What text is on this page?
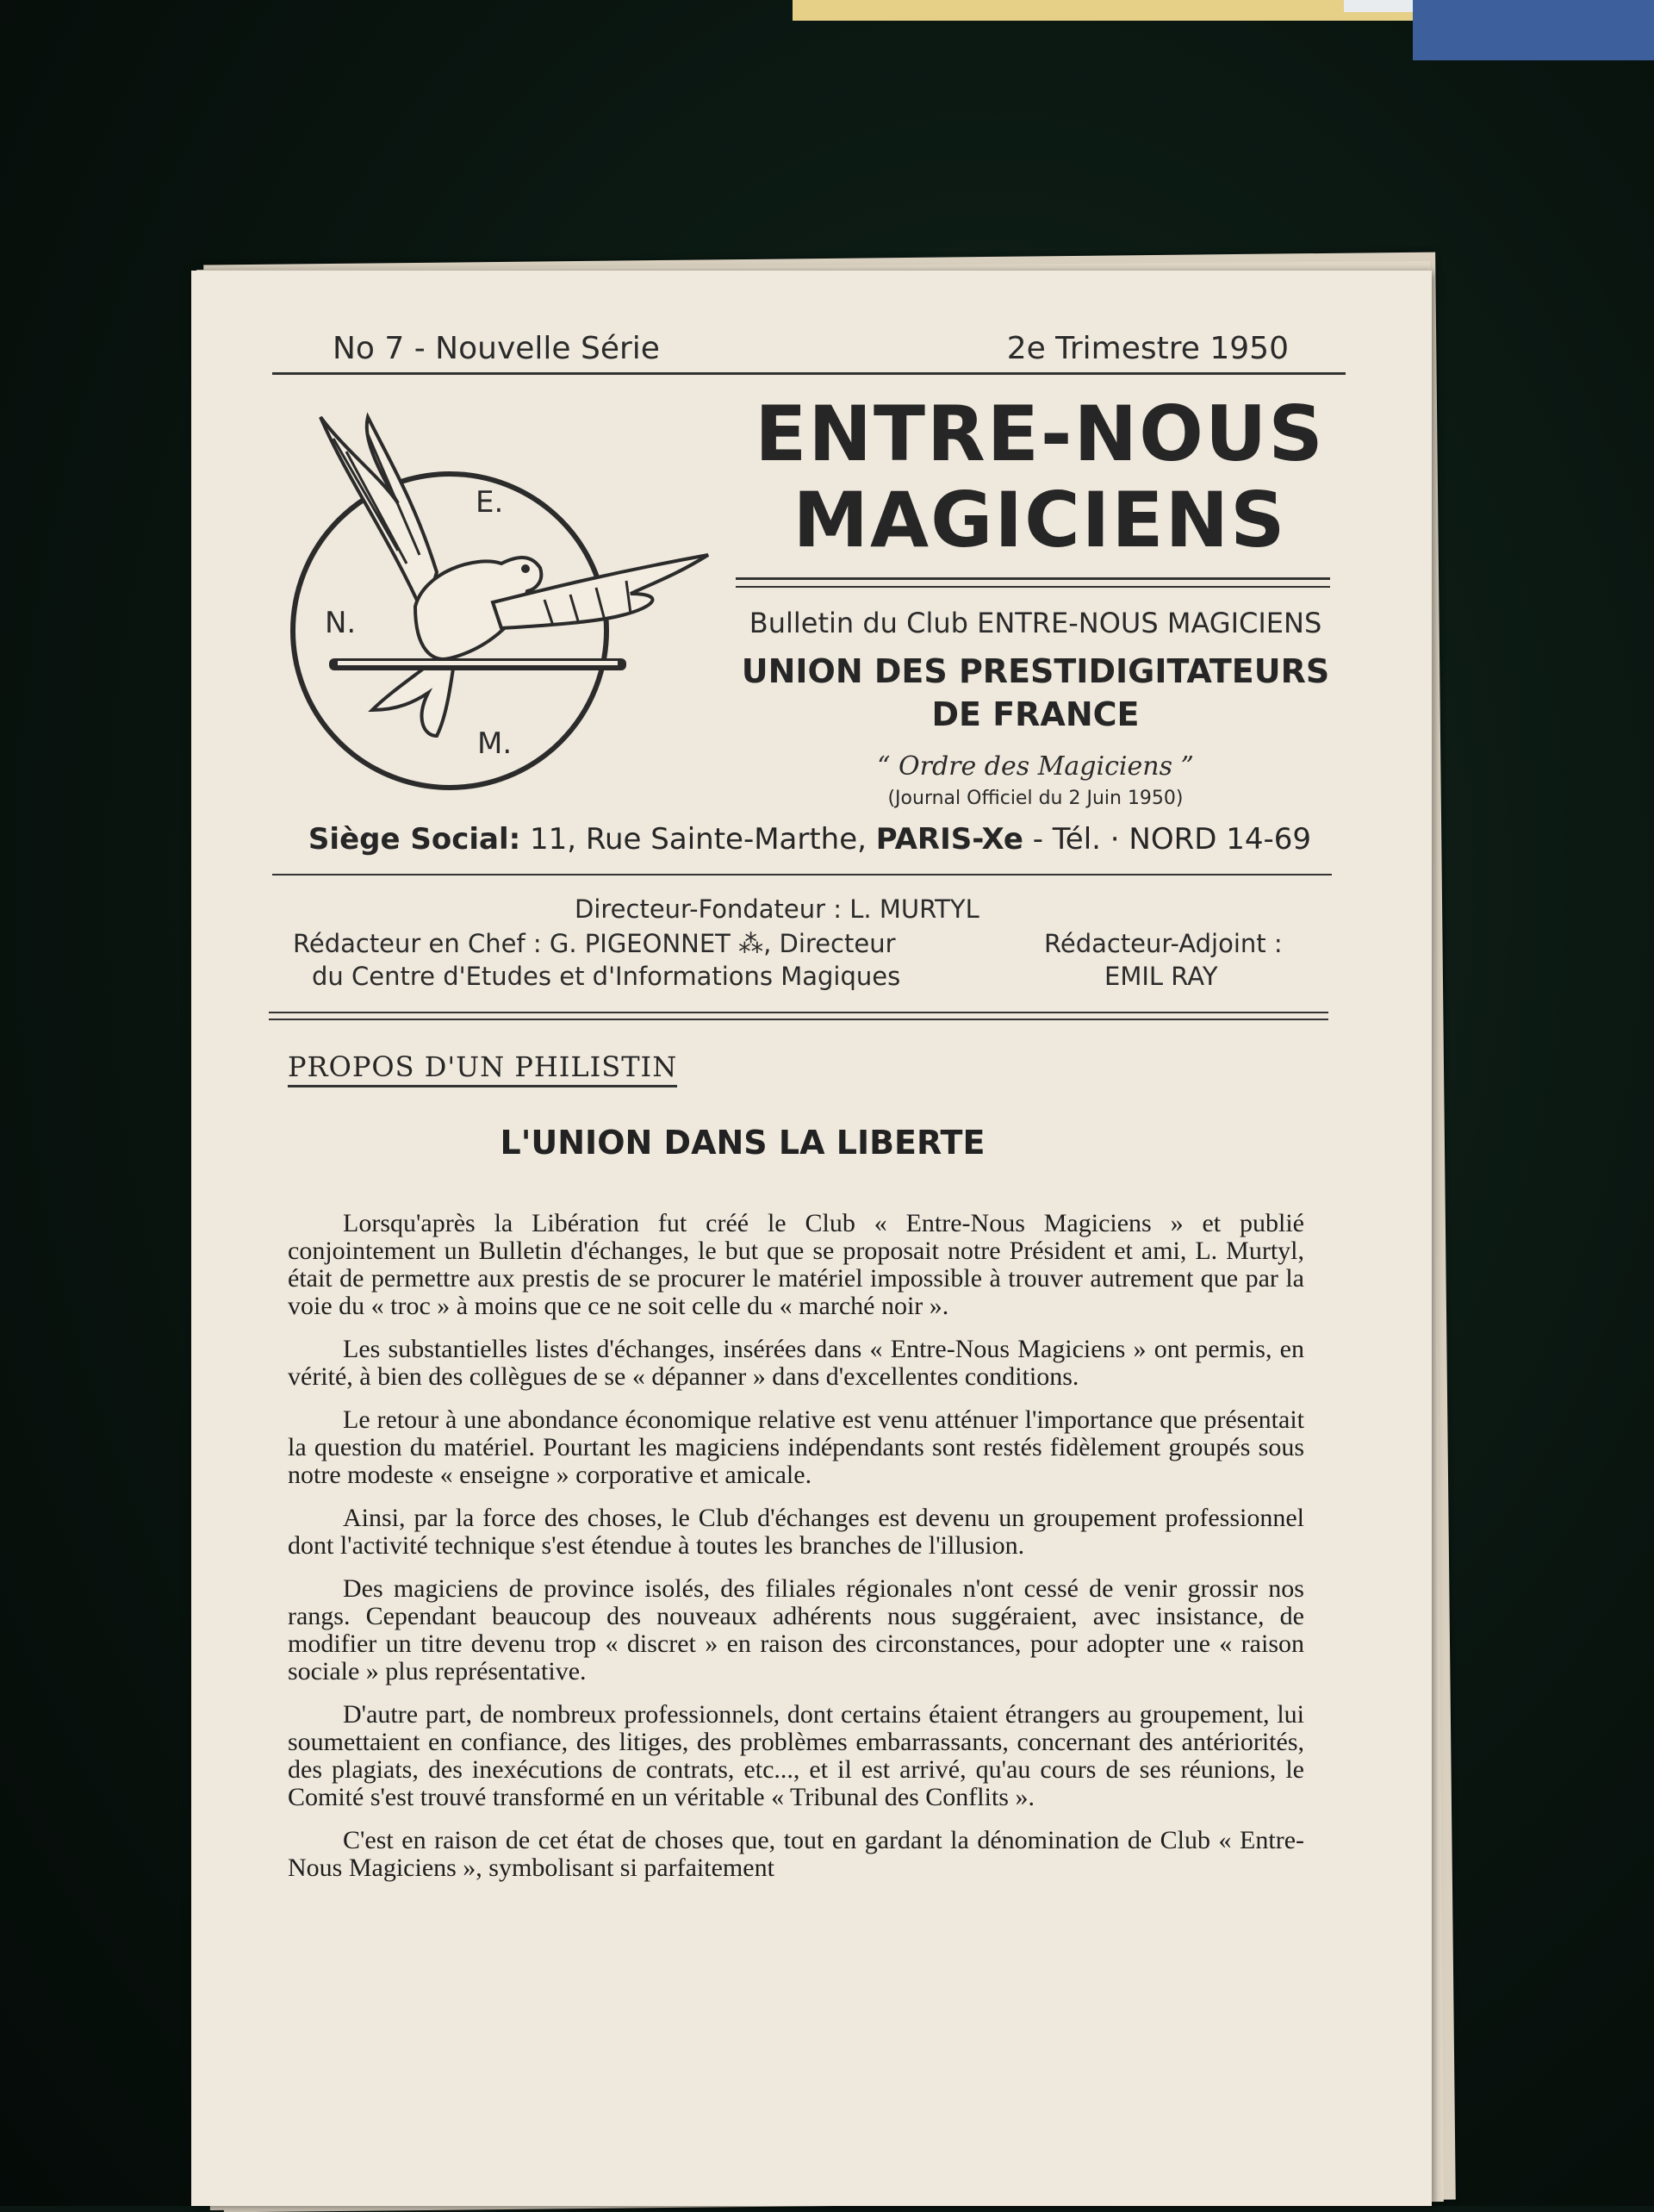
No 7 - Nouvelle Série	2e Trimestre 1950
E.
N.
M.
ENTRE-NOUS
MAGICIENS
Bulletin du Club ENTRE-NOUS MAGICIENS
UNION DES PRESTIDIGITATEURS
DE FRANCE
“ Ordre des Magiciens ”
(Journal Officiel du 2 Juin 1950)
Siège Social: 11, Rue Sainte-Marthe, PARIS-Xe - Tél. · NORD 14-69
Directeur-Fondateur : L. MURTYL
Rédacteur en Chef : G. PIGEONNET ⁂, Directeur
du Centre d'Etudes et d'Informations Magiques
Rédacteur-Adjoint :
EMIL RAY
PROPOS D'UN PHILISTIN
L'UNION DANS LA LIBERTE

Lorsqu'après la Libération fut créé le Club « Entre-Nous Magiciens » et publié conjointement un Bulletin d'échanges, le but que se proposait notre Président et ami, L. Murtyl, était de permettre aux prestis de se procurer le matériel impossible à trouver autrement que par la voie du « troc » à moins que ce ne soit celle du « marché noir ».

Les substantielles listes d'échanges, insérées dans « Entre-Nous Magiciens » ont permis, en vérité, à bien des collègues de se « dépanner » dans d'excellentes conditions.

Le retour à une abondance économique relative est venu atténuer l'importance que présentait la question du matériel. Pourtant les magiciens indépendants sont restés fidèlement groupés sous notre modeste « enseigne » corporative et amicale.

Ainsi, par la force des choses, le Club d'échanges est devenu un groupement professionnel dont l'activité technique s'est étendue à toutes les branches de l'illusion.

Des magiciens de province isolés, des filiales régionales n'ont cessé de venir grossir nos rangs. Cependant beaucoup des nouveaux adhérents nous suggéraient, avec insistance, de modifier un titre devenu trop « discret » en raison des circonstances, pour adopter une « raison sociale » plus représentative.

D'autre part, de nombreux professionnels, dont certains étaient étrangers au groupement, lui soumettaient en confiance, des litiges, des problèmes embarrassants, concernant des antériorités, des plagiats, des inexécutions de contrats, etc..., et il est arrivé, qu'au cours de ses réunions, le Comité s'est trouvé transformé en un véritable « Tribunal des Conflits ».

C'est en raison de cet état de choses que, tout en gardant la dénomination de Club « Entre-Nous Magiciens », symbolisant si parfaitement
